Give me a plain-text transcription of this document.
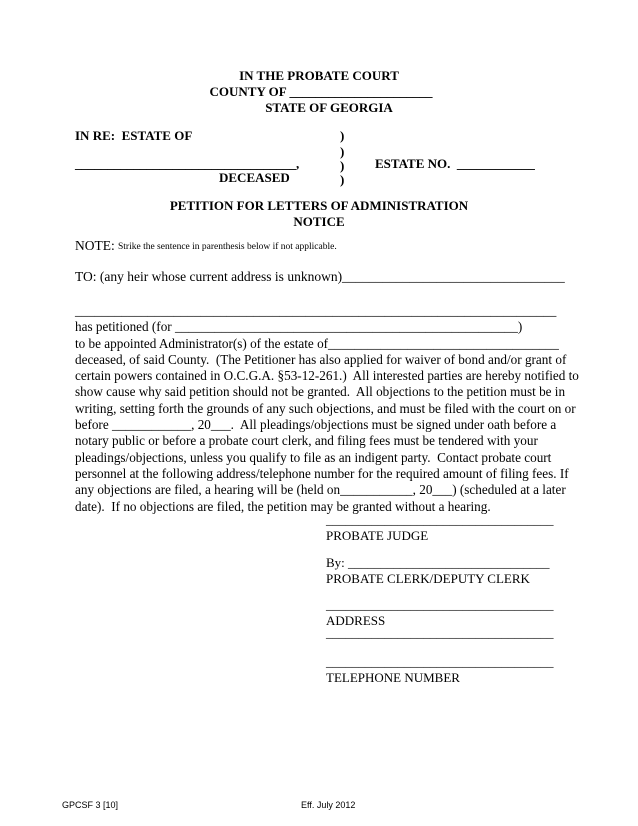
IN THE PROBATE COURT
COUNTY OF ______________________
STATE OF GEORGIA
IN RE:  ESTATE OF	)
)
__________________________________,	) ESTATE NO.  ____________
DECEASED	)
PETITION FOR LETTERS OF ADMINISTRATION
NOTICE
NOTE: Strike the sentence in parenthesis below if not applicable.
TO: (any heir whose current address is unknown)_________________________________
_________________________________________________________________________
has petitioned (for ____________________________________________________)
to be appointed Administrator(s) of the estate of___________________________________
deceased, of said County.  (The Petitioner has also applied for waiver of bond and/or grant of
certain powers contained in O.C.G.A. §53-12-261.)  All interested parties are hereby notified to
show cause why said petition should not be granted.  All objections to the petition must be in
writing, setting forth the grounds of any such objections, and must be filed with the court on or
before ____________, 20___.  All pleadings/objections must be signed under oath before a
notary public or before a probate court clerk, and filing fees must be tendered with your
pleadings/objections, unless you qualify to file as an indigent party.  Contact probate court
personnel at the following address/telephone number for the required amount of filing fees. If
any objections are filed, a hearing will be (held on___________, 20___) (scheduled at a later
date).  If no objections are filed, the petition may be granted without a hearing.
___________________________________
PROBATE JUDGE
By: _______________________________
PROBATE CLERK/DEPUTY CLERK
___________________________________
ADDRESS
___________________________________
___________________________________
TELEPHONE NUMBER
GPCSF 3 [10]	Eff. July 2012
